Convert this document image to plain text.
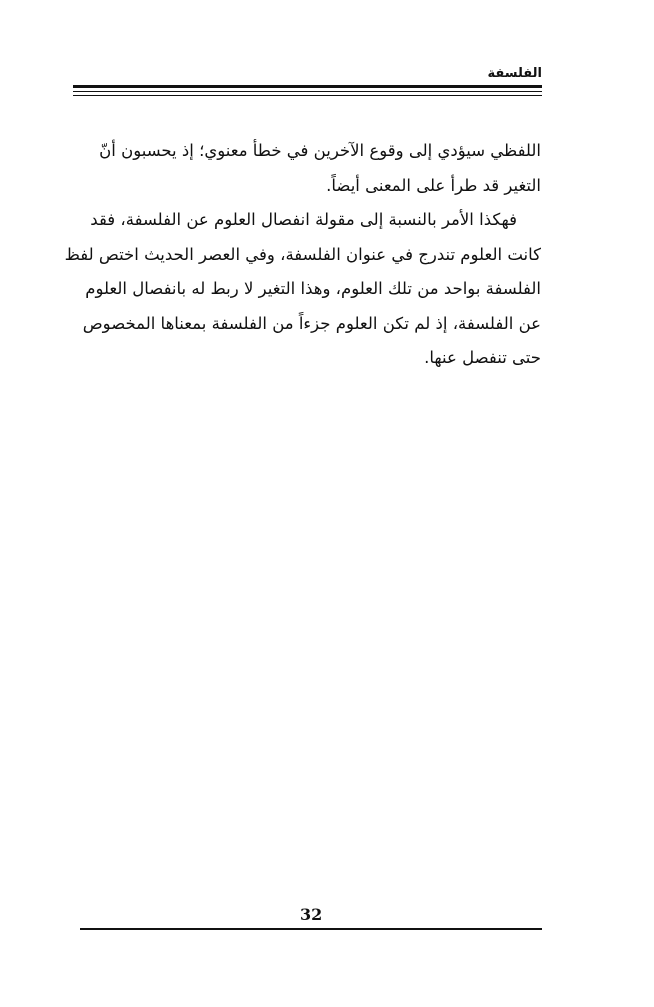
الفلسفة
اللفظي سيؤدي إلى وقوع الآخرين في خطأ معنوي؛ إذ يحسبون أنّ
التغير قد طرأ على المعنى أيضاً.
فهكذا الأمر بالنسبة إلى مقولة انفصال العلوم عن الفلسفة، فقد
كانت العلوم تندرج في عنوان الفلسفة، وفي العصر الحديث اختص لفظ
الفلسفة بواحد من تلك العلوم، وهذا التغير لا ربط له بانفصال العلوم
عن الفلسفة، إذ لم تكن العلوم جزءاً من الفلسفة بمعناها المخصوص
حتى تنفصل عنها.
32
